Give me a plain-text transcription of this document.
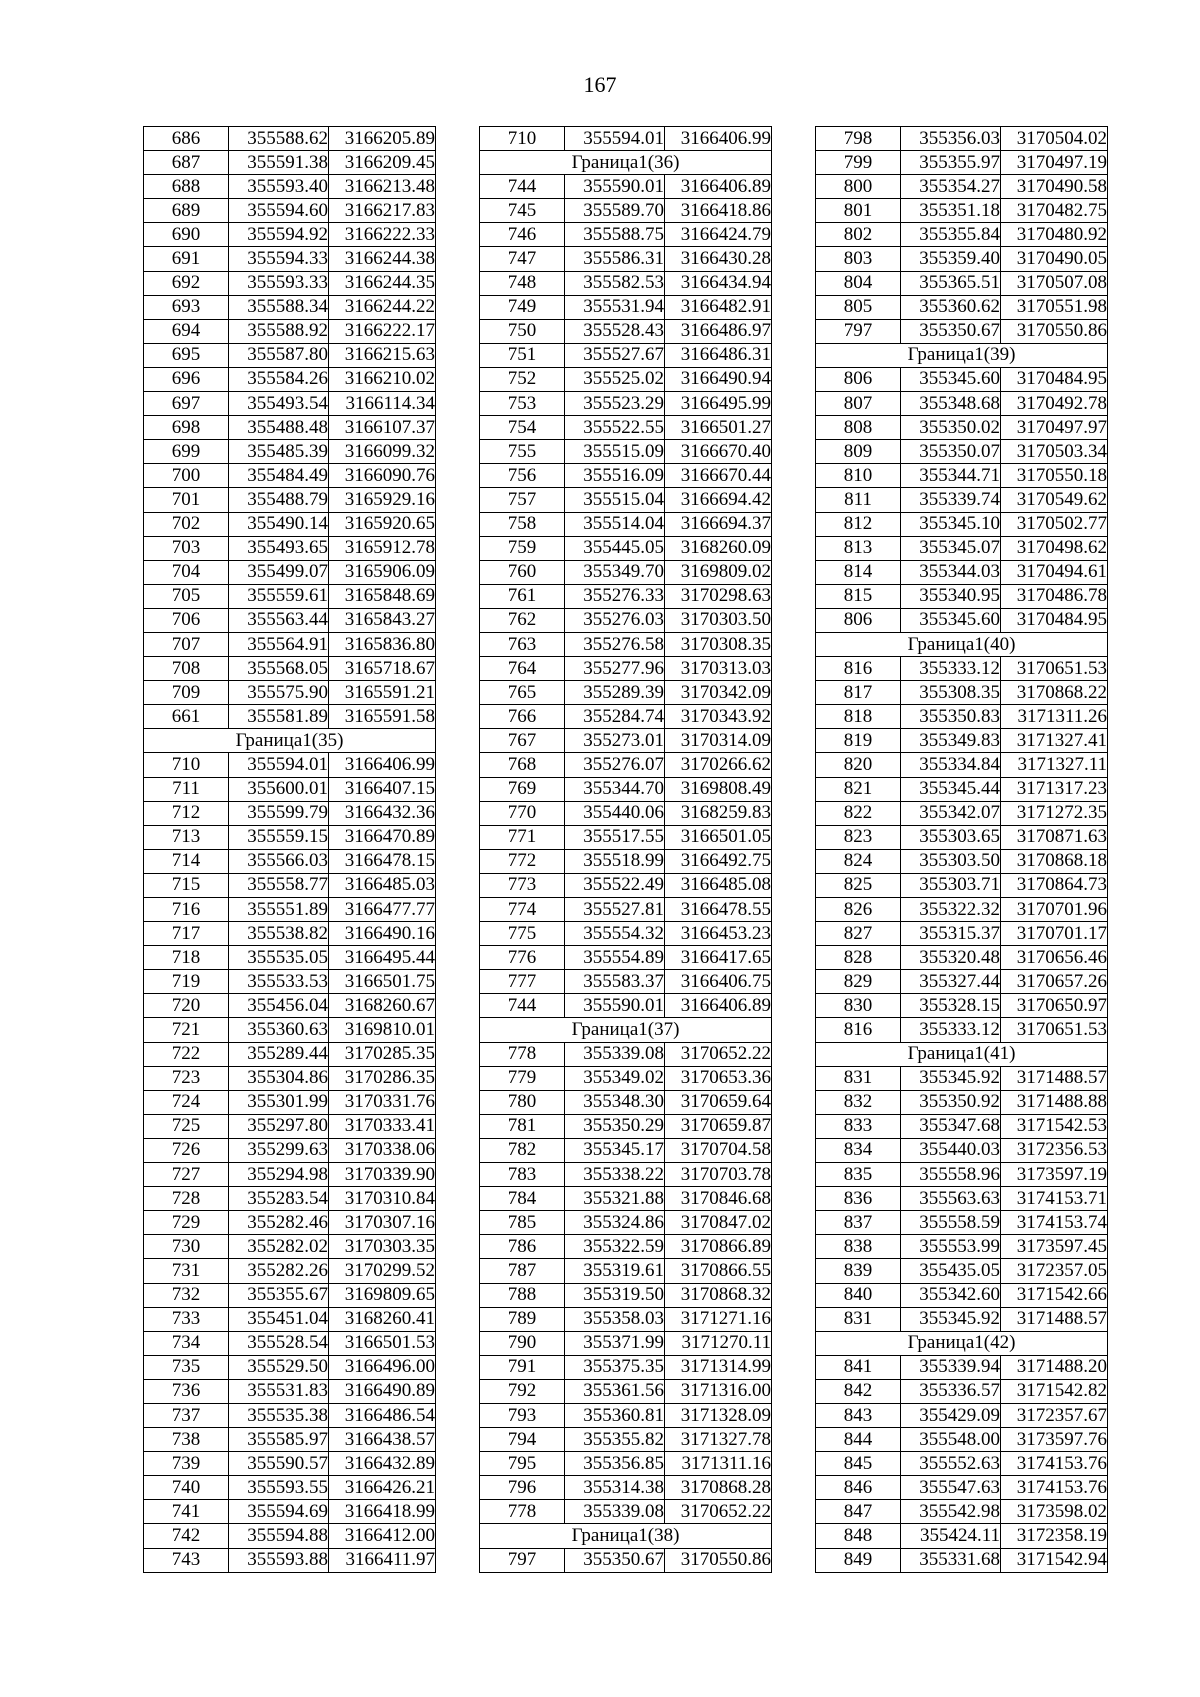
167
686	355588.62	3166205.89
687	355591.38	3166209.45
688	355593.40	3166213.48
689	355594.60	3166217.83
690	355594.92	3166222.33
691	355594.33	3166244.38
692	355593.33	3166244.35
693	355588.34	3166244.22
694	355588.92	3166222.17
695	355587.80	3166215.63
696	355584.26	3166210.02
697	355493.54	3166114.34
698	355488.48	3166107.37
699	355485.39	3166099.32
700	355484.49	3166090.76
701	355488.79	3165929.16
702	355490.14	3165920.65
703	355493.65	3165912.78
704	355499.07	3165906.09
705	355559.61	3165848.69
706	355563.44	3165843.27
707	355564.91	3165836.80
708	355568.05	3165718.67
709	355575.90	3165591.21
661	355581.89	3165591.58
Граница1(35)		
710	355594.01	3166406.99
711	355600.01	3166407.15
712	355599.79	3166432.36
713	355559.15	3166470.89
714	355566.03	3166478.15
715	355558.77	3166485.03
716	355551.89	3166477.77
717	355538.82	3166490.16
718	355535.05	3166495.44
719	355533.53	3166501.75
720	355456.04	3168260.67
721	355360.63	3169810.01
722	355289.44	3170285.35
723	355304.86	3170286.35
724	355301.99	3170331.76
725	355297.80	3170333.41
726	355299.63	3170338.06
727	355294.98	3170339.90
728	355283.54	3170310.84
729	355282.46	3170307.16
730	355282.02	3170303.35
731	355282.26	3170299.52
732	355355.67	3169809.65
733	355451.04	3168260.41
734	355528.54	3166501.53
735	355529.50	3166496.00
736	355531.83	3166490.89
737	355535.38	3166486.54
738	355585.97	3166438.57
739	355590.57	3166432.89
740	355593.55	3166426.21
741	355594.69	3166418.99
742	355594.88	3166412.00
743	355593.88	3166411.97
710	355594.01	3166406.99
Граница1(36)		
744	355590.01	3166406.89
745	355589.70	3166418.86
746	355588.75	3166424.79
747	355586.31	3166430.28
748	355582.53	3166434.94
749	355531.94	3166482.91
750	355528.43	3166486.97
751	355527.67	3166486.31
752	355525.02	3166490.94
753	355523.29	3166495.99
754	355522.55	3166501.27
755	355515.09	3166670.40
756	355516.09	3166670.44
757	355515.04	3166694.42
758	355514.04	3166694.37
759	355445.05	3168260.09
760	355349.70	3169809.02
761	355276.33	3170298.63
762	355276.03	3170303.50
763	355276.58	3170308.35
764	355277.96	3170313.03
765	355289.39	3170342.09
766	355284.74	3170343.92
767	355273.01	3170314.09
768	355276.07	3170266.62
769	355344.70	3169808.49
770	355440.06	3168259.83
771	355517.55	3166501.05
772	355518.99	3166492.75
773	355522.49	3166485.08
774	355527.81	3166478.55
775	355554.32	3166453.23
776	355554.89	3166417.65
777	355583.37	3166406.75
744	355590.01	3166406.89
Граница1(37)		
778	355339.08	3170652.22
779	355349.02	3170653.36
780	355348.30	3170659.64
781	355350.29	3170659.87
782	355345.17	3170704.58
783	355338.22	3170703.78
784	355321.88	3170846.68
785	355324.86	3170847.02
786	355322.59	3170866.89
787	355319.61	3170866.55
788	355319.50	3170868.32
789	355358.03	3171271.16
790	355371.99	3171270.11
791	355375.35	3171314.99
792	355361.56	3171316.00
793	355360.81	3171328.09
794	355355.82	3171327.78
795	355356.85	3171311.16
796	355314.38	3170868.28
778	355339.08	3170652.22
Граница1(38)		
797	355350.67	3170550.86
798	355356.03	3170504.02
799	355355.97	3170497.19
800	355354.27	3170490.58
801	355351.18	3170482.75
802	355355.84	3170480.92
803	355359.40	3170490.05
804	355365.51	3170507.08
805	355360.62	3170551.98
797	355350.67	3170550.86
Граница1(39)		
806	355345.60	3170484.95
807	355348.68	3170492.78
808	355350.02	3170497.97
809	355350.07	3170503.34
810	355344.71	3170550.18
811	355339.74	3170549.62
812	355345.10	3170502.77
813	355345.07	3170498.62
814	355344.03	3170494.61
815	355340.95	3170486.78
806	355345.60	3170484.95
Граница1(40)		
816	355333.12	3170651.53
817	355308.35	3170868.22
818	355350.83	3171311.26
819	355349.83	3171327.41
820	355334.84	3171327.11
821	355345.44	3171317.23
822	355342.07	3171272.35
823	355303.65	3170871.63
824	355303.50	3170868.18
825	355303.71	3170864.73
826	355322.32	3170701.96
827	355315.37	3170701.17
828	355320.48	3170656.46
829	355327.44	3170657.26
830	355328.15	3170650.97
816	355333.12	3170651.53
Граница1(41)		
831	355345.92	3171488.57
832	355350.92	3171488.88
833	355347.68	3171542.53
834	355440.03	3172356.53
835	355558.96	3173597.19
836	355563.63	3174153.71
837	355558.59	3174153.74
838	355553.99	3173597.45
839	355435.05	3172357.05
840	355342.60	3171542.66
831	355345.92	3171488.57
Граница1(42)		
841	355339.94	3171488.20
842	355336.57	3171542.82
843	355429.09	3172357.67
844	355548.00	3173597.76
845	355552.63	3174153.76
846	355547.63	3174153.76
847	355542.98	3173598.02
848	355424.11	3172358.19
849	355331.68	3171542.94
